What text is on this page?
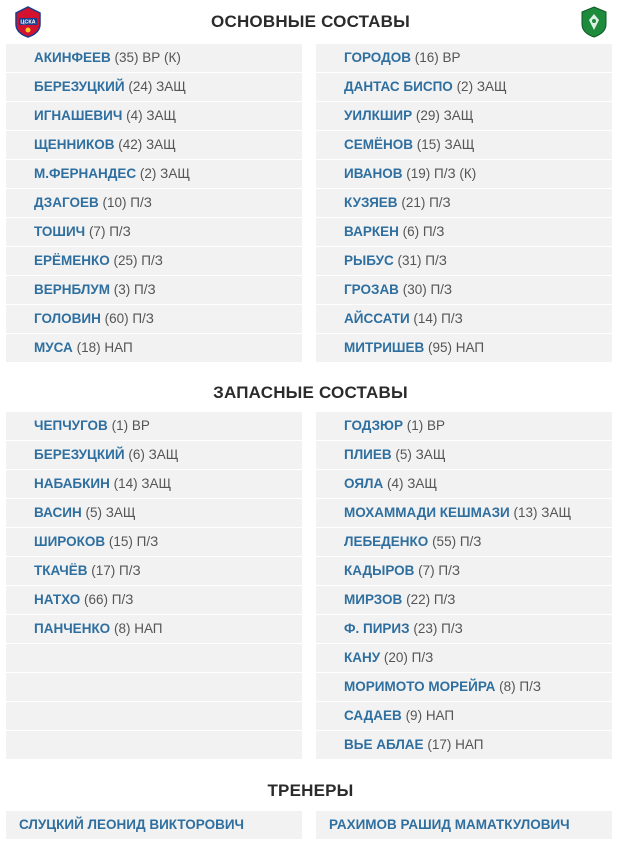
ЦСКА	ОСНОВНЫЕ СОСТАВЫ
АКИНФЕЕВ (35) ВР (К)
БЕРЕЗУЦКИЙ (24) ЗАЩ
ИГНАШЕВИЧ (4) ЗАЩ
ЩЕННИКОВ (42) ЗАЩ
М.ФЕРНАНДЕС (2) ЗАЩ
ДЗАГОЕВ (10) П/З
ТОШИЧ (7) П/З
ЕРЁМЕНКО (25) П/З
ВЕРНБЛУМ (3) П/З
ГОЛОВИН (60) П/З
МУСА (18) НАП
ГОРОДОВ (16) ВР
ДАНТАС БИСПО (2) ЗАЩ
УИЛКШИР (29) ЗАЩ
СЕМЁНОВ (15) ЗАЩ
ИВАНОВ (19) П/З (К)
КУЗЯЕВ (21) П/З
ВАРКЕН (6) П/З
РЫБУС (31) П/З
ГРОЗАВ (30) П/З
АЙССАТИ (14) П/З
МИТРИШЕВ (95) НАП
ЗАПАСНЫЕ СОСТАВЫ
ЧЕПЧУГОВ (1) ВР
БЕРЕЗУЦКИЙ (6) ЗАЩ
НАБАБКИН (14) ЗАЩ
ВАСИН (5) ЗАЩ
ШИРОКОВ (15) П/З
ТКАЧЁВ (17) П/З
НАТХО (66) П/З
ПАНЧЕНКО (8) НАП
ГОДЗЮР (1) ВР
ПЛИЕВ (5) ЗАЩ
ОЯЛА (4) ЗАЩ
МОХАММАДИ КЕШМАЗИ (13) ЗАЩ
ЛЕБЕДЕНКО (55) П/З
КАДЫРОВ (7) П/З
МИРЗОВ (22) П/З
Ф. ПИРИЗ (23) П/З
КАНУ (20) П/З
МОРИМОТО МОРЕЙРА (8) П/З
САДАЕВ (9) НАП
ВЬЕ АБЛАЕ (17) НАП
ТРЕНЕРЫ
СЛУЦКИЙ ЛЕОНИД ВИКТОРОВИЧ	РАХИМОВ РАШИД МАМАТКУЛОВИЧ
